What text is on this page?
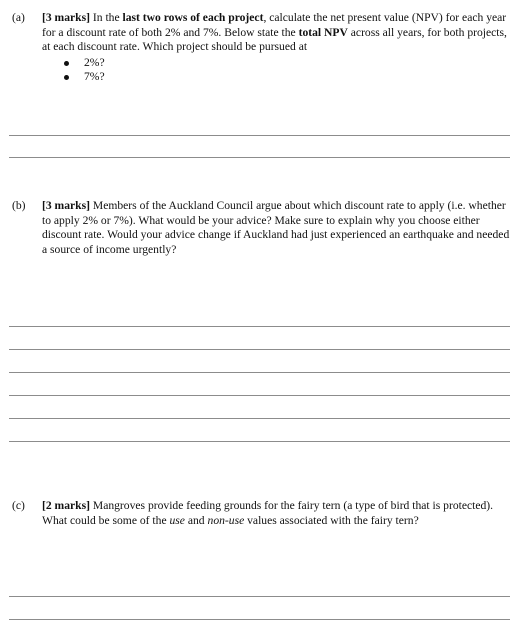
(a) [3 marks] In the last two rows of each project, calculate the net present value (NPV) for each year for a discount rate of both 2% and 7%. Below state the total NPV across all years, for both projects, at each discount rate. Which project should be pursued at

2%?
7%?
(b) [3 marks] Members of the Auckland Council argue about which discount rate to apply (i.e. whether to apply 2% or 7%). What would be your advice? Make sure to explain why you choose either discount rate. Would your advice change if Auckland had just experienced an earthquake and needed a source of income urgently?

(c) [2 marks] Mangroves provide feeding grounds for the fairy tern (a type of bird that is protected). What could be some of the use and non-use values associated with the fairy tern?
